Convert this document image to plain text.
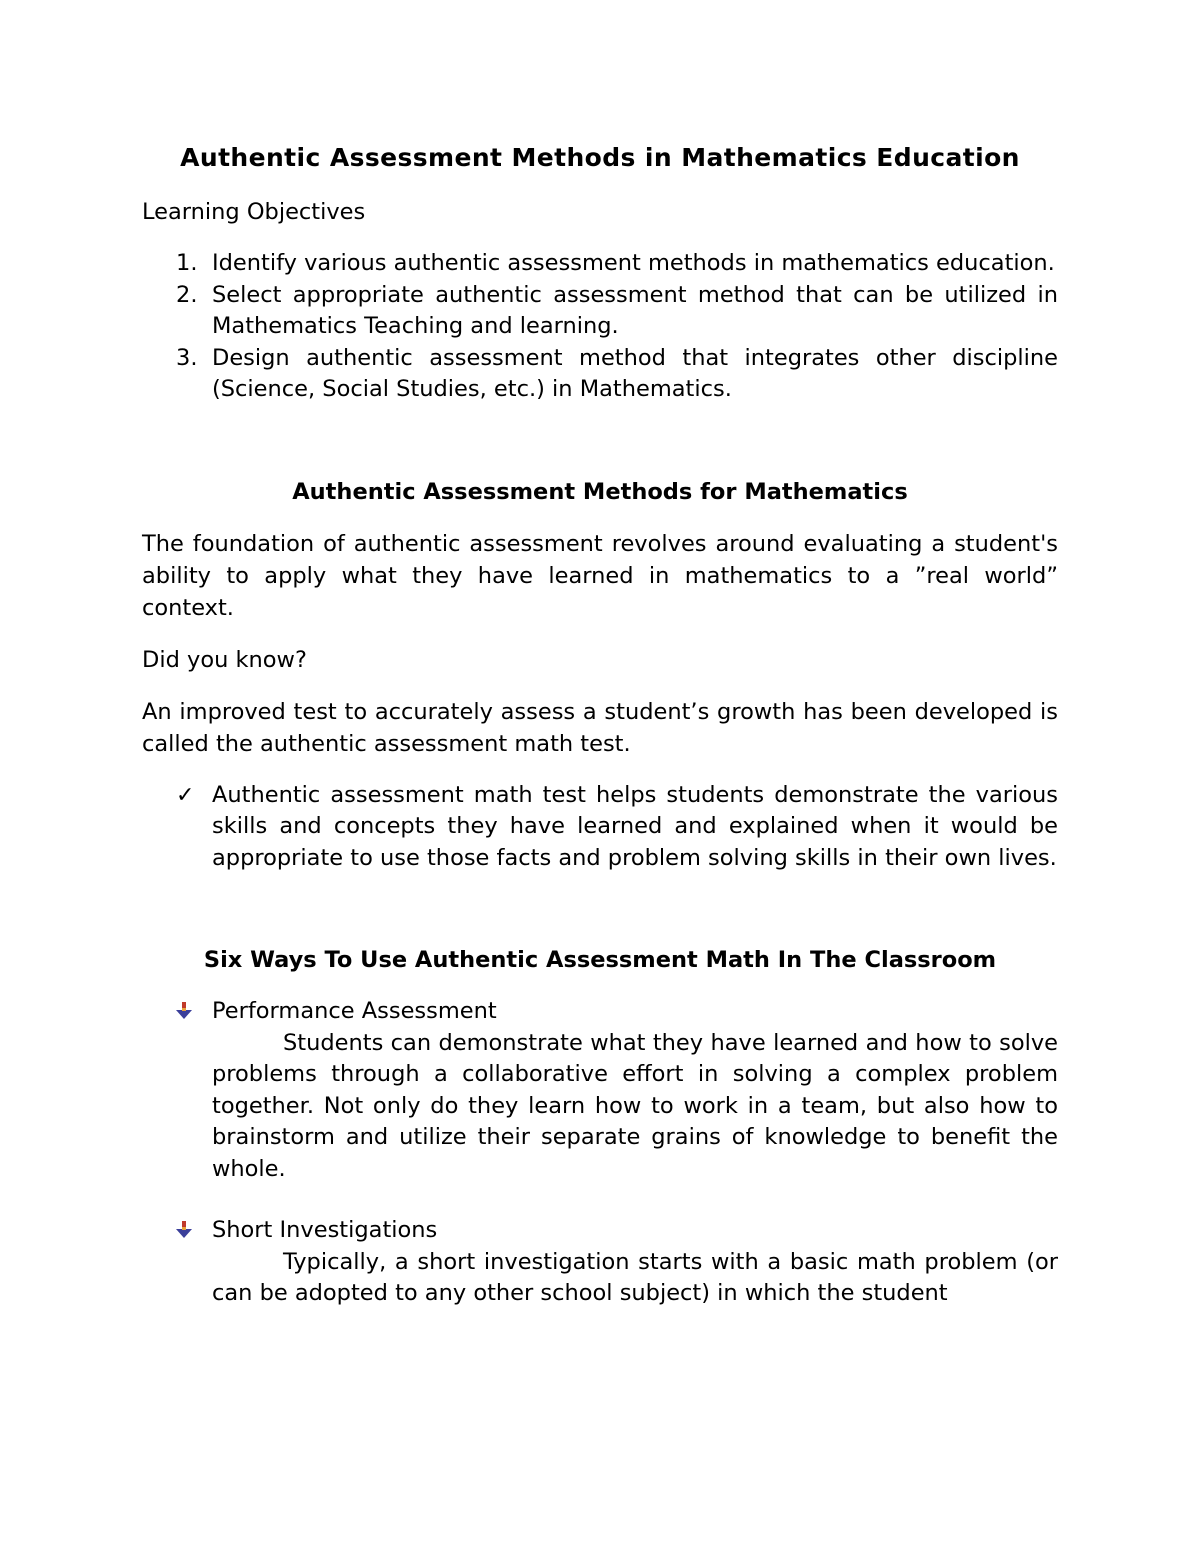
Authentic Assessment Methods in Mathematics Education

Learning Objectives

1. Identify various authentic assessment methods in mathematics education.
2. Select appropriate authentic assessment method that can be utilized in Mathematics Teaching and learning.
3. Design authentic assessment method that integrates other discipline (Science, Social Studies, etc.) in Mathematics.
Authentic Assessment Methods for Mathematics

The foundation of authentic assessment revolves around evaluating a student's ability to apply what they have learned in mathematics to a ”real world” context.

Did you know?

An improved test to accurately assess a student’s growth has been developed is called the authentic assessment math test.

✓ Authentic assessment math test helps students demonstrate the various skills and concepts they have learned and explained when it would be appropriate to use those facts and problem solving skills in their own lives.
Six Ways To Use Authentic Assessment Math In The Classroom
Performance Assessment
Students can demonstrate what they have learned and how to solve problems through a collaborative effort in solving a complex problem together. Not only do they learn how to work in a team, but also how to brainstorm and utilize their separate grains of knowledge to benefit the whole.
Short Investigations
Typically, a short investigation starts with a basic math problem (or can be adopted to any other school subject) in which the student
